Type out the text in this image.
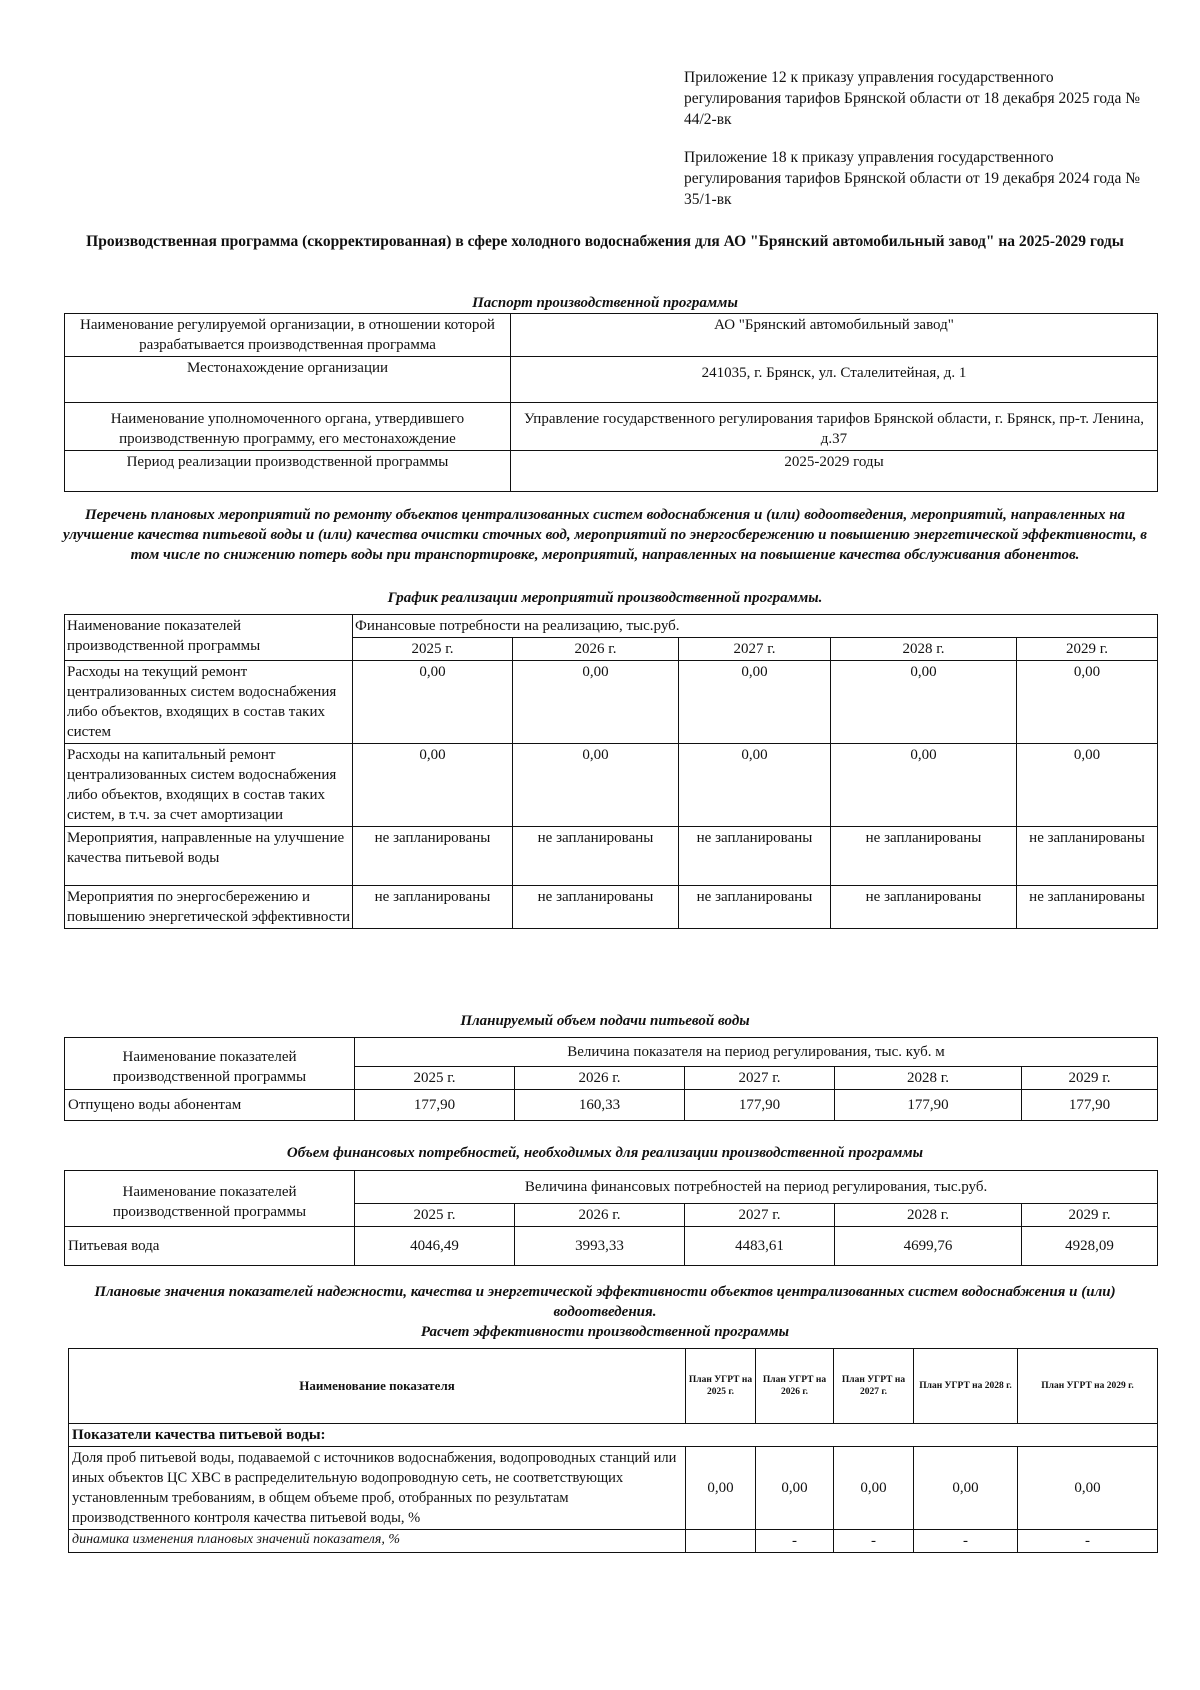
Приложение 12 к приказу управления государственного регулирования тарифов Брянской области от 18 декабря 2025 года № 44/2-вк
Приложение 18 к приказу управления государственного регулирования тарифов Брянской области от 19 декабря 2024 года № 35/1-вк
Производственная программа (скорректированная) в сфере холодного водоснабжения для АО "Брянский автомобильный завод" на 2025-2029 годы
Паспорт производственной программы
Наименование регулируемой организации, в отношении которой разрабатывается производственная программа	АО "Брянский автомобильный завод"
Местонахождение организации	241035, г. Брянск, ул. Сталелитейная, д. 1
Наименование уполномоченного органа, утвердившего производственную программу, его местонахождение	Управление государственного регулирования тарифов Брянской области, г. Брянск, пр-т. Ленина, д.37
Период реализации производственной программы	2025-2029 годы
Перечень плановых мероприятий по ремонту объектов централизованных систем водоснабжения и (или) водоотведения, мероприятий, направленных на улучшение качества питьевой воды и (или) качества очистки сточных вод, мероприятий по энергосбережению и повышению энергетической эффективности, в том числе по снижению потерь воды при транспортировке, мероприятий, направленных на повышение качества обслуживания абонентов.
График реализации мероприятий производственной программы.
Наименование показателей производственной программы	Финансовые потребности на реализацию, тыс.руб.				
	2025 г.	2026 г.	2027 г.	2028 г.	2029 г.
Расходы на текущий ремонт централизованных систем водоснабжения либо объектов, входящих в состав таких систем	0,00	0,00	0,00	0,00	0,00
Расходы на капитальный ремонт централизованных систем водоснабжения либо объектов, входящих в состав таких систем, в т.ч. за счет амортизации	0,00	0,00	0,00	0,00	0,00
Мероприятия, направленные на улучшение качества питьевой воды	не запланированы	не запланированы	не запланированы	не запланированы	не запланированы
Мероприятия по энергосбережению и повышению энергетической эффективности	не запланированы	не запланированы	не запланированы	не запланированы	не запланированы
Планируемый объем подачи питьевой воды
Наименование показателей производственной программы	Величина показателя на период регулирования, тыс. куб. м				
	2025 г.	2026 г.	2027 г.	2028 г.	2029 г.
Отпущено воды абонентам	177,90	160,33	177,90	177,90	177,90
Объем финансовых потребностей, необходимых для реализации производственной программы
Наименование показателей производственной программы	Величина финансовых потребностей на период регулирования, тыс.руб.				
	2025 г.	2026 г.	2027 г.	2028 г.	2029 г.
Питьевая вода	4046,49	3993,33	4483,61	4699,76	4928,09
Плановые значения показателей надежности, качества и энергетической эффективности объектов централизованных систем водоснабжения и (или) водоотведения.
Расчет эффективности производственной программы
Наименование показателя	План УГРТ на 2025 г.	План УГРТ на 2026 г.	План УГРТ на 2027 г.	План УГРТ на 2028 г.	План УГРТ на 2029 г.
Показатели качества питьевой воды:					
Доля проб питьевой воды, подаваемой с источников водоснабжения, водопроводных станций или иных объектов ЦС ХВС в распределительную водопроводную сеть, не соответствующих установленным требованиям, в общем объеме проб, отобранных по результатам производственного контроля качества питьевой воды, %	0,00	0,00	0,00	0,00	0,00
динамика изменения плановых значений показателя, %		-	-	-	-
